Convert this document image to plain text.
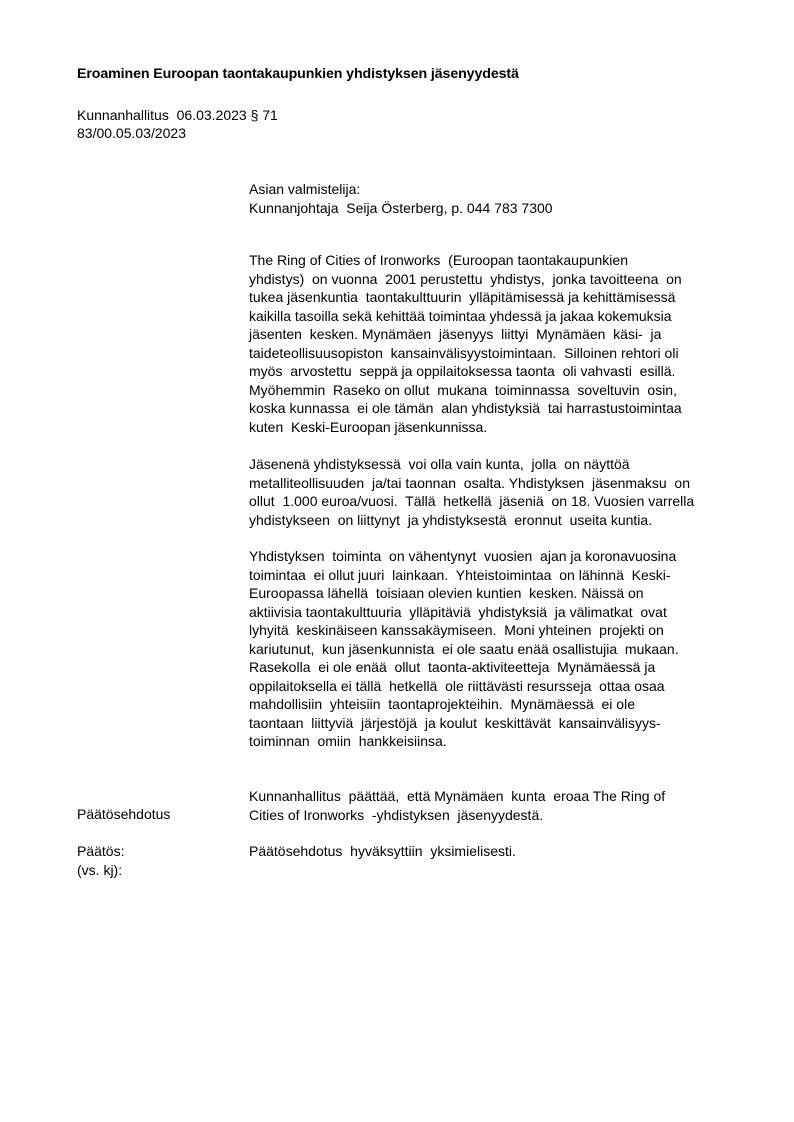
Eroaminen Euroopan taontakaupunkien yhdistyksen jäsenyydestä
Kunnanhallitus  06.03.2023 § 71
83/00.05.03/2023
Asian valmistelija:
Kunnanjohtaja  Seija Österberg, p. 044 783 7300
The Ring of Cities of Ironworks  (Euroopan taontakaupunkien
yhdistys)  on vuonna  2001 perustettu  yhdistys,  jonka tavoitteena  on
tukea jäsenkuntia  taontakulttuurin  ylläpitämisessä ja kehittämisessä
kaikilla tasoilla sekä kehittää toimintaa yhdessä ja jakaa kokemuksia
jäsenten  kesken. Mynämäen  jäsenyys  liittyi  Mynämäen  käsi-  ja
taideteollisuusopiston  kansainvälisyystoimintaan.  Silloinen rehtori oli
myös  arvostettu  seppä ja oppilaitoksessa taonta  oli vahvasti  esillä.
Myöhemmin  Raseko on ollut  mukana  toiminnassa  soveltuvin  osin,
koska kunnassa  ei ole tämän  alan yhdistyksiä  tai harrastustoimintaa
kuten  Keski-Euroopan jäsenkunnissa.
Jäsenenä yhdistyksessä  voi olla vain kunta,  jolla  on näyttöä
metalliteollisuuden  ja/tai taonnan  osalta. Yhdistyksen  jäsenmaksu  on
ollut  1.000 euroa/vuosi.  Tällä  hetkellä  jäseniä  on 18. Vuosien varrella
yhdistykseen  on liittynyt  ja yhdistyksestä  eronnut  useita kuntia.
Yhdistyksen  toiminta  on vähentynyt  vuosien  ajan ja koronavuosina
toimintaa  ei ollut juuri  lainkaan.  Yhteistoimintaa  on lähinnä  Keski-
Euroopassa lähellä  toisiaan olevien kuntien  kesken. Näissä on
aktiivisia taontakulttuuria  ylläpitäviä  yhdistyksiä  ja välimatkat  ovat
lyhyitä  keskinäiseen kanssakäymiseen.  Moni yhteinen  projekti on
kariutunut,  kun jäsenkunnista  ei ole saatu enää osallistujia  mukaan.
Rasekolla  ei ole enää  ollut  taonta-aktiviteetteja  Mynämäessä ja
oppilaitoksella ei tällä  hetkellä  ole riittävästi resursseja  ottaa osaa
mahdollisiin  yhteisiin  taontaprojekteihin.  Mynämäessä  ei ole
taontaan  liittyviä  järjestöjä  ja koulut  keskittävät  kansainvälisyys-
toiminnan  omiin  hankkeisiinsa.

Päätösehdotus

(vs. kj):

Kunnanhallitus  päättää,  että Mynämäen  kunta  eroaa The Ring of
Cities of Ironworks  -yhdistyksen  jäsenyydestä.
Päätös:	Päätösehdotus  hyväksyttiin  yksimielisesti.
